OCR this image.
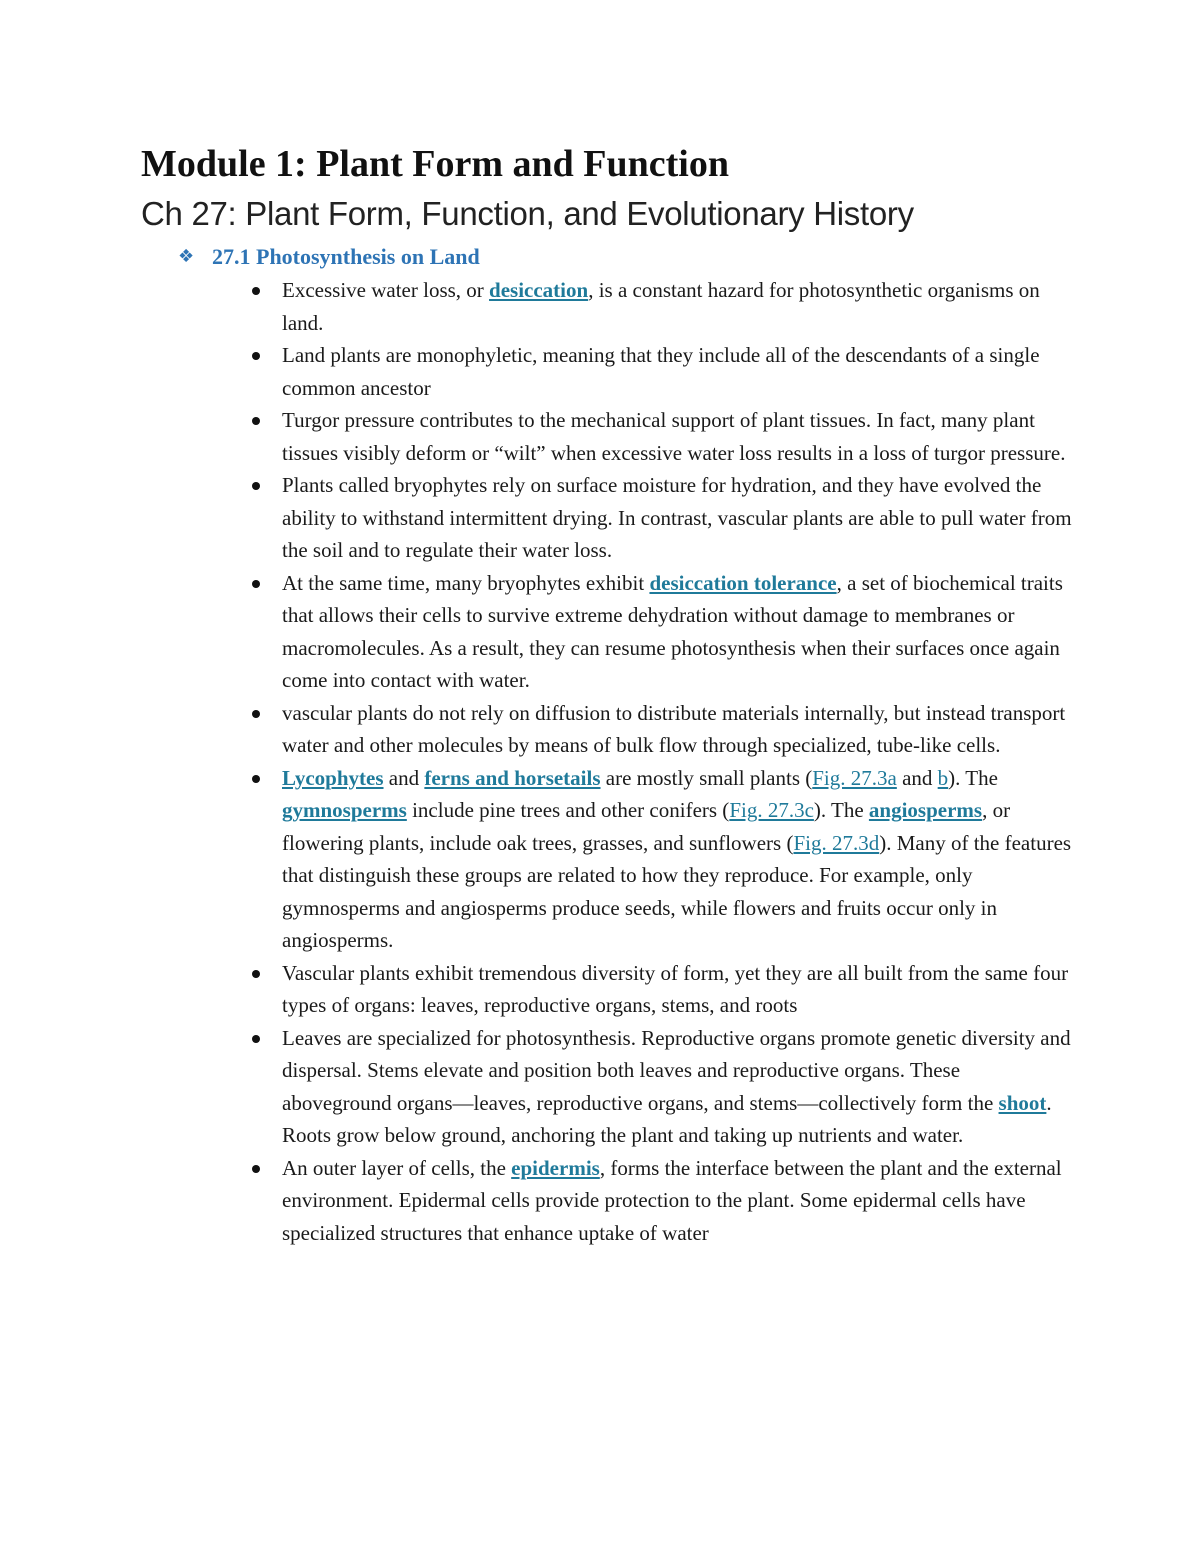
Module 1: Plant Form and Function
Ch 27: Plant Form, Function, and Evolutionary History
❖ 27.1 Photosynthesis on Land
Excessive water loss, or desiccation, is a constant hazard for photosynthetic organisms on land.
Land plants are monophyletic, meaning that they include all of the descendants of a single common ancestor
Turgor pressure contributes to the mechanical support of plant tissues. In fact, many plant tissues visibly deform or “wilt” when excessive water loss results in a loss of turgor pressure.
Plants called bryophytes rely on surface moisture for hydration, and they have evolved the ability to withstand intermittent drying. In contrast, vascular plants are able to pull water from the soil and to regulate their water loss.
At the same time, many bryophytes exhibit desiccation tolerance, a set of biochemical traits that allows their cells to survive extreme dehydration without damage to membranes or macromolecules. As a result, they can resume photosynthesis when their surfaces once again come into contact with water.
vascular plants do not rely on diffusion to distribute materials internally, but instead transport water and other molecules by means of bulk flow through specialized, tube-like cells.
Lycophytes and ferns and horsetails are mostly small plants (Fig. 27.3a and b). The gymnosperms include pine trees and other conifers (Fig. 27.3c). The angiosperms, or flowering plants, include oak trees, grasses, and sunflowers (Fig. 27.3d). Many of the features that distinguish these groups are related to how they reproduce. For example, only gymnosperms and angiosperms produce seeds, while flowers and fruits occur only in angiosperms.
Vascular plants exhibit tremendous diversity of form, yet they are all built from the same four types of organs: leaves, reproductive organs, stems, and roots
Leaves are specialized for photosynthesis. Reproductive organs promote genetic diversity and dispersal. Stems elevate and position both leaves and reproductive organs. These aboveground organs—leaves, reproductive organs, and stems—collectively form the shoot. Roots grow below ground, anchoring the plant and taking up nutrients and water.
An outer layer of cells, the epidermis, forms the interface between the plant and the external environment. Epidermal cells provide protection to the plant. Some epidermal cells have specialized structures that enhance uptake of water
